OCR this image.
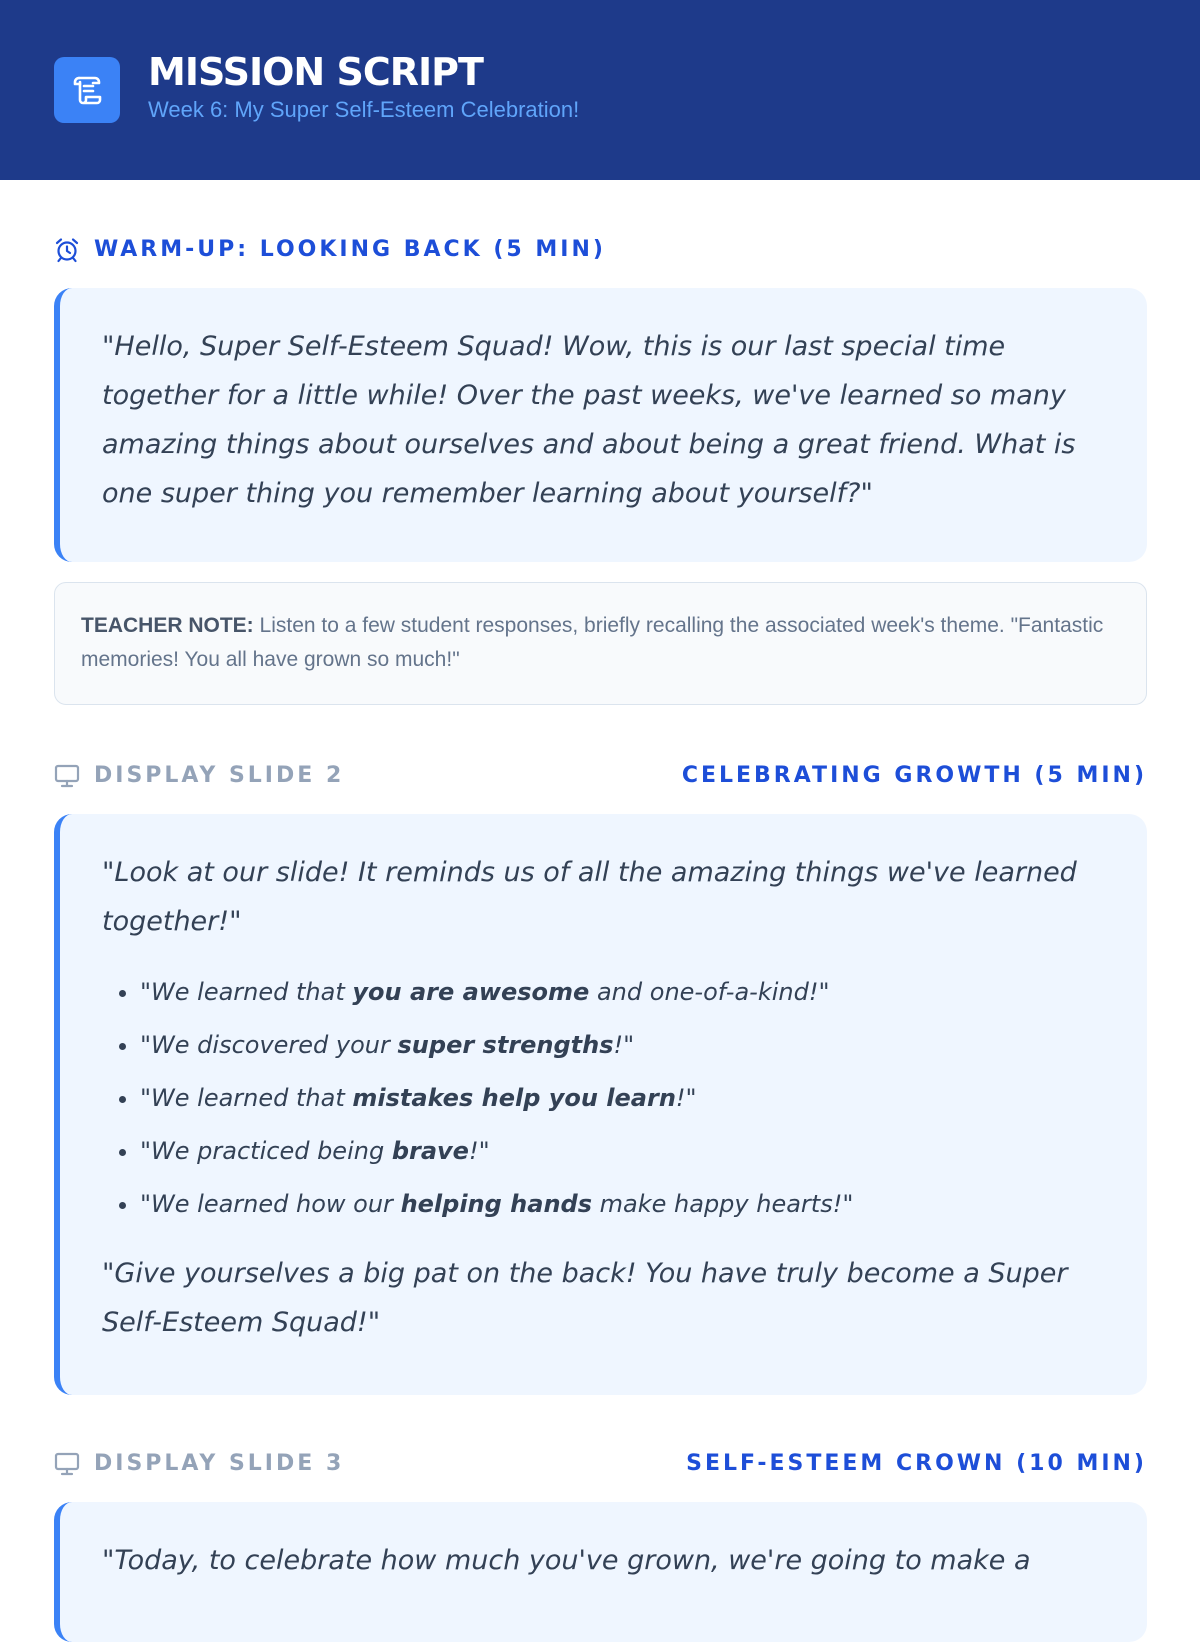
MISSION SCRIPT
Week 6: My Super Self-Esteem Celebration!
WARM-UP: LOOKING BACK (5 MIN)

"Hello, Super Self-Esteem Squad! Wow, this is our last special time together for a little while! Over the past weeks, we've learned so many amazing things about ourselves and about being a great friend. What is one super thing you remember learning about yourself?"

TEACHER NOTE: Listen to a few student responses, briefly recalling the associated week's theme. "Fantastic memories! You all have grown so much!"
DISPLAY SLIDE 2	CELEBRATING GROWTH (5 MIN)

"Look at our slide! It reminds us of all the amazing things we've learned together!"

• "We learned that you are awesome and one-of-a-kind!"
• "We discovered your super strengths!"
• "We learned that mistakes help you learn!"
• "We practiced being brave!"
• "We learned how our helping hands make happy hearts!"

"Give yourselves a big pat on the back! You have truly become a Super Self-Esteem Squad!"

DISPLAY SLIDE 3	SELF-ESTEEM CROWN (10 MIN)

"Today, to celebrate how much you've grown, we're going to make a
